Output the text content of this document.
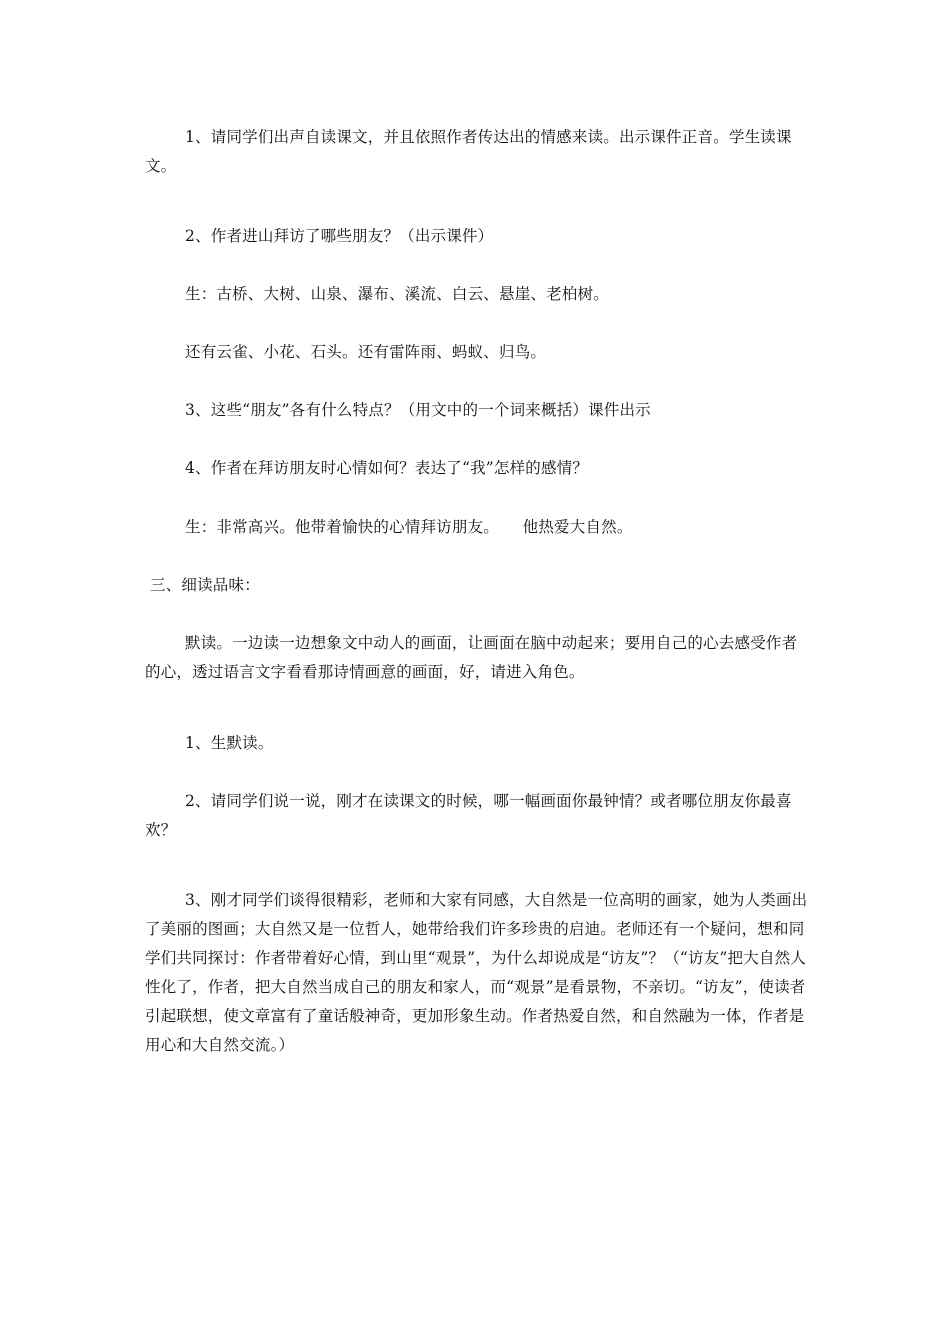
1、请同学们出声自读课文，并且依照作者传达出的情感来读。出示课件正音。学生读课文。

2、作者进山拜访了哪些朋友？（出示课件）

生：古桥、大树、山泉、瀑布、溪流、白云、悬崖、老柏树。

还有云雀、小花、石头。还有雷阵雨、蚂蚁、归鸟。

3、这些“朋友”各有什么特点？（用文中的一个词来概括）课件出示

4、作者在拜访朋友时心情如何？表达了“我”怎样的感情？

生：非常高兴。他带着愉快的心情拜访朋友。　　他热爱大自然。

三、细读品味：

默读。一边读一边想象文中动人的画面，让画面在脑中动起来；要用自己的心去感受作者的心，透过语言文字看看那诗情画意的画面，好，请进入角色。

1、生默读。

2、请同学们说一说，刚才在读课文的时候，哪一幅画面你最钟情？或者哪位朋友你最喜欢？

3、刚才同学们谈得很精彩，老师和大家有同感，大自然是一位高明的画家，她为人类画出了美丽的图画；大自然又是一位哲人，她带给我们许多珍贵的启迪。老师还有一个疑问，想和同学们共同探讨：作者带着好心情，到山里“观景”，为什么却说成是“访友”？（“访友”把大自然人性化了，作者，把大自然当成自己的朋友和家人，而“观景”是看景物，不亲切。“访友”，使读者引起联想，使文章富有了童话般神奇，更加形象生动。作者热爱自然，和自然融为一体，作者是用心和大自然交流。）
